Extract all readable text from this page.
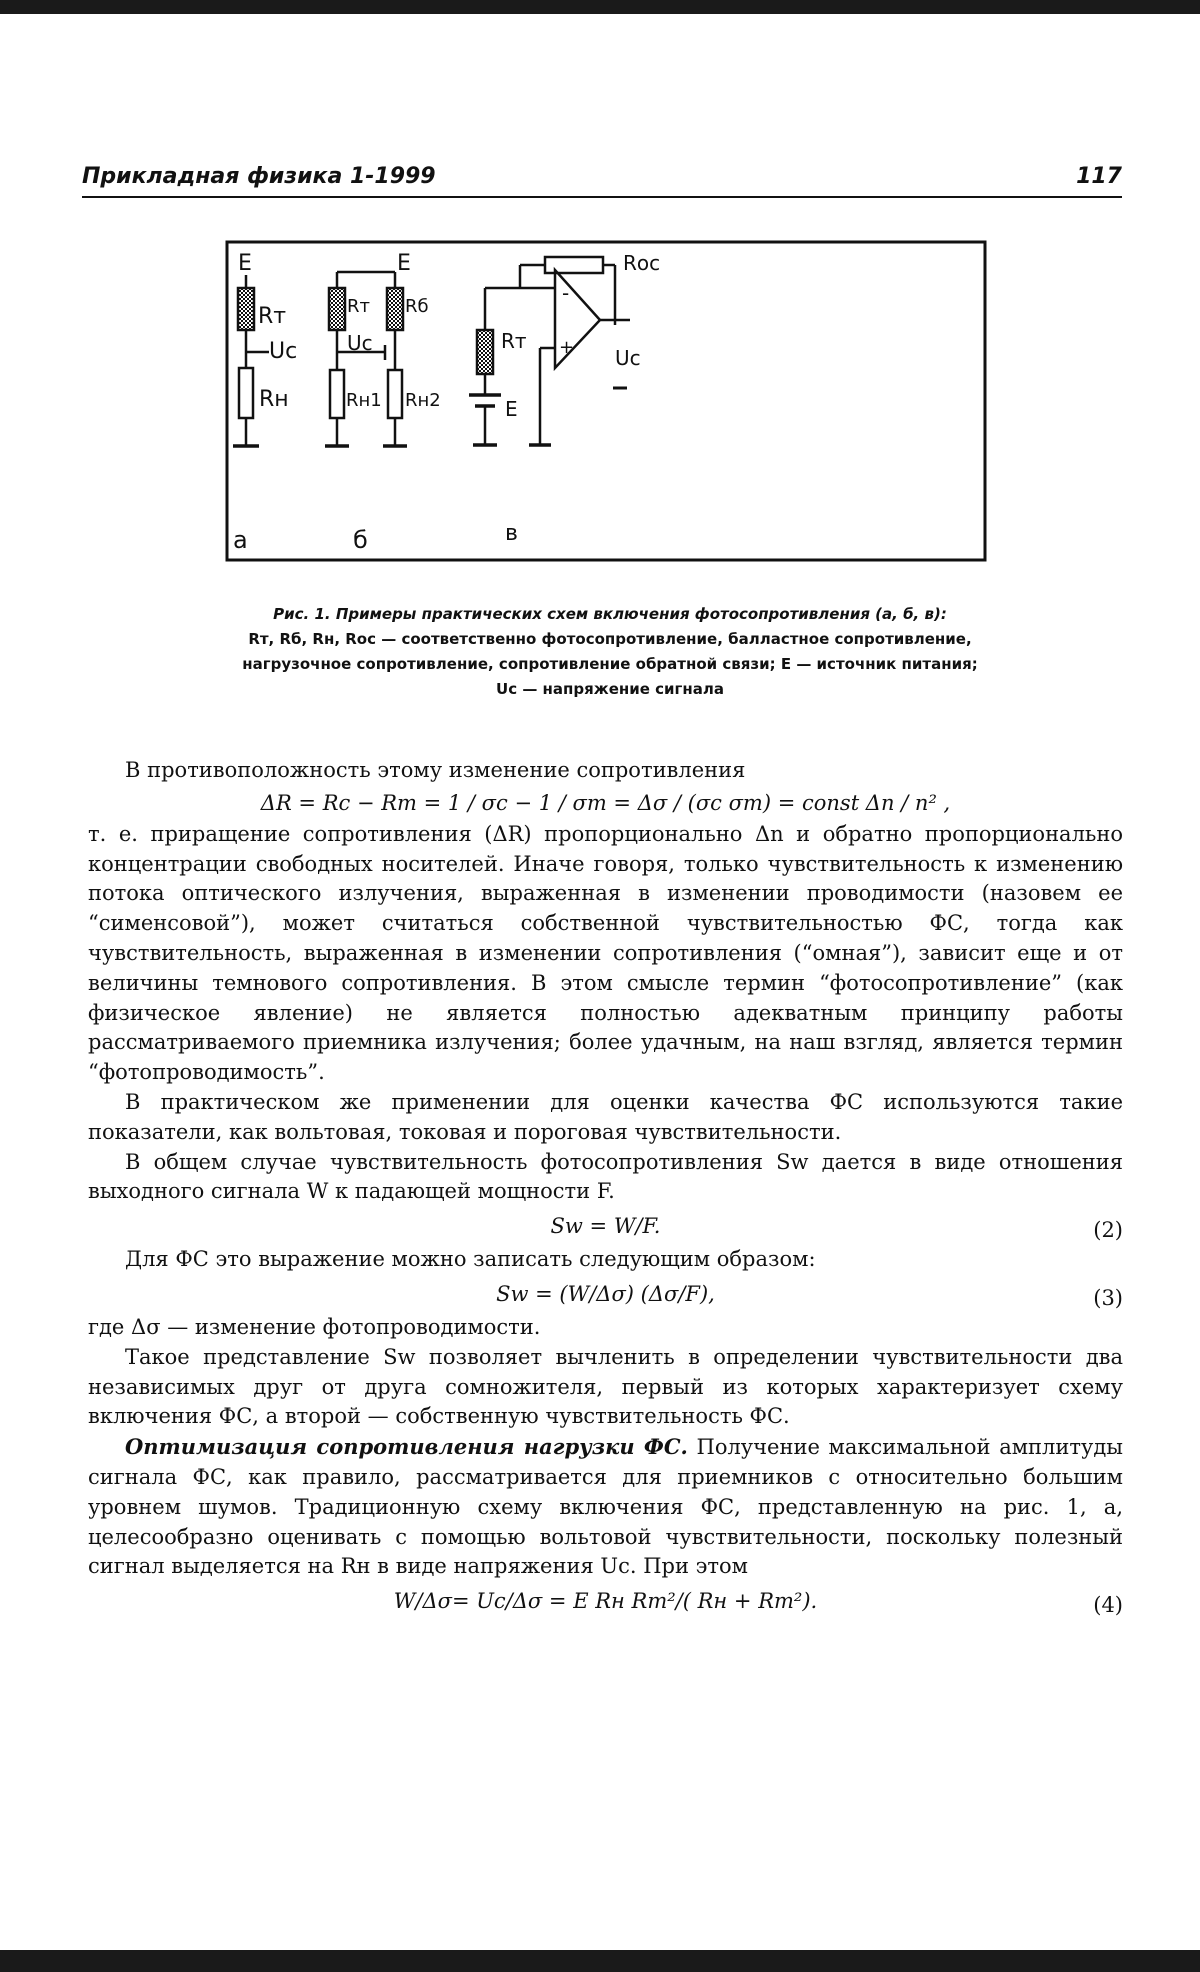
Прикладная физика 1-1999	117
E
Rт
Uс
Rн
а
E
Rт Rб
Uс
Rн1 Rн2
б
Rос
Rт
-
+ Uс
E
в
Рис. 1. Примеры практических схем включения фотосопротивления (а, б, в):
Rт, Rб, Rн, Rос — соответственно фотосопротивление, балластное сопротивление,
нагрузочное сопротивление, сопротивление обратной связи; E — источник питания;
Uс — напряжение сигнала

В противоположность этому изменение сопротивления

ΔR = Rс − Rт = 1 / σс − 1 / σт = Δσ / (σс σт) = const Δn / n² ,

т. е. приращение сопротивления (ΔR) пропорционально Δn и обратно пропорционально концентрации свободных носителей. Иначе говоря, только чувствительность к изменению потока оптического излучения, выраженная в изменении проводимости (назовем ее “сименсовой”), может считаться собственной чувствительностью ФС, тогда как чувствительность, выраженная в изменении сопротивления (“омная”), зависит еще и от величины темнового сопротивления. В этом смысле термин “фотосопротивление” (как физическое явление) не является полностью адекватным принципу работы рассматриваемого приемника излучения; более удачным, на наш взгляд, является термин “фотопроводимость”.

В практическом же применении для оценки качества ФС используются такие показатели, как вольтовая, токовая и пороговая чувствительности.

В общем случае чувствительность фотосопротивления Sw дается в виде отношения выходного сигнала W к падающей мощности F.

Sw = W/F.	(2)

Для ФС это выражение можно записать следующим образом:

Sw = (W/Δσ) (Δσ/F),	(3)

где Δσ — изменение фотопроводимости.

Такое представление Sw позволяет вычленить в определении чувствительности два независимых друг от друга сомножителя, первый из которых характеризует схему включения ФС, а второй — собственную чувствительность ФС.

Оптимизация сопротивления нагрузки ФС. Получение максимальной амплитуды сигнала ФС, как правило, рассматривается для приемников с относительно большим уровнем шумов. Традиционную схему включения ФС, представленную на рис. 1, а, целесообразно оценивать с помощью вольтовой чувствительности, поскольку полезный сигнал выделяется на Rн в виде напряжения Uс. При этом

W/Δσ= Uс/Δσ = E Rн Rт²/( Rн + Rт²).	(4)
